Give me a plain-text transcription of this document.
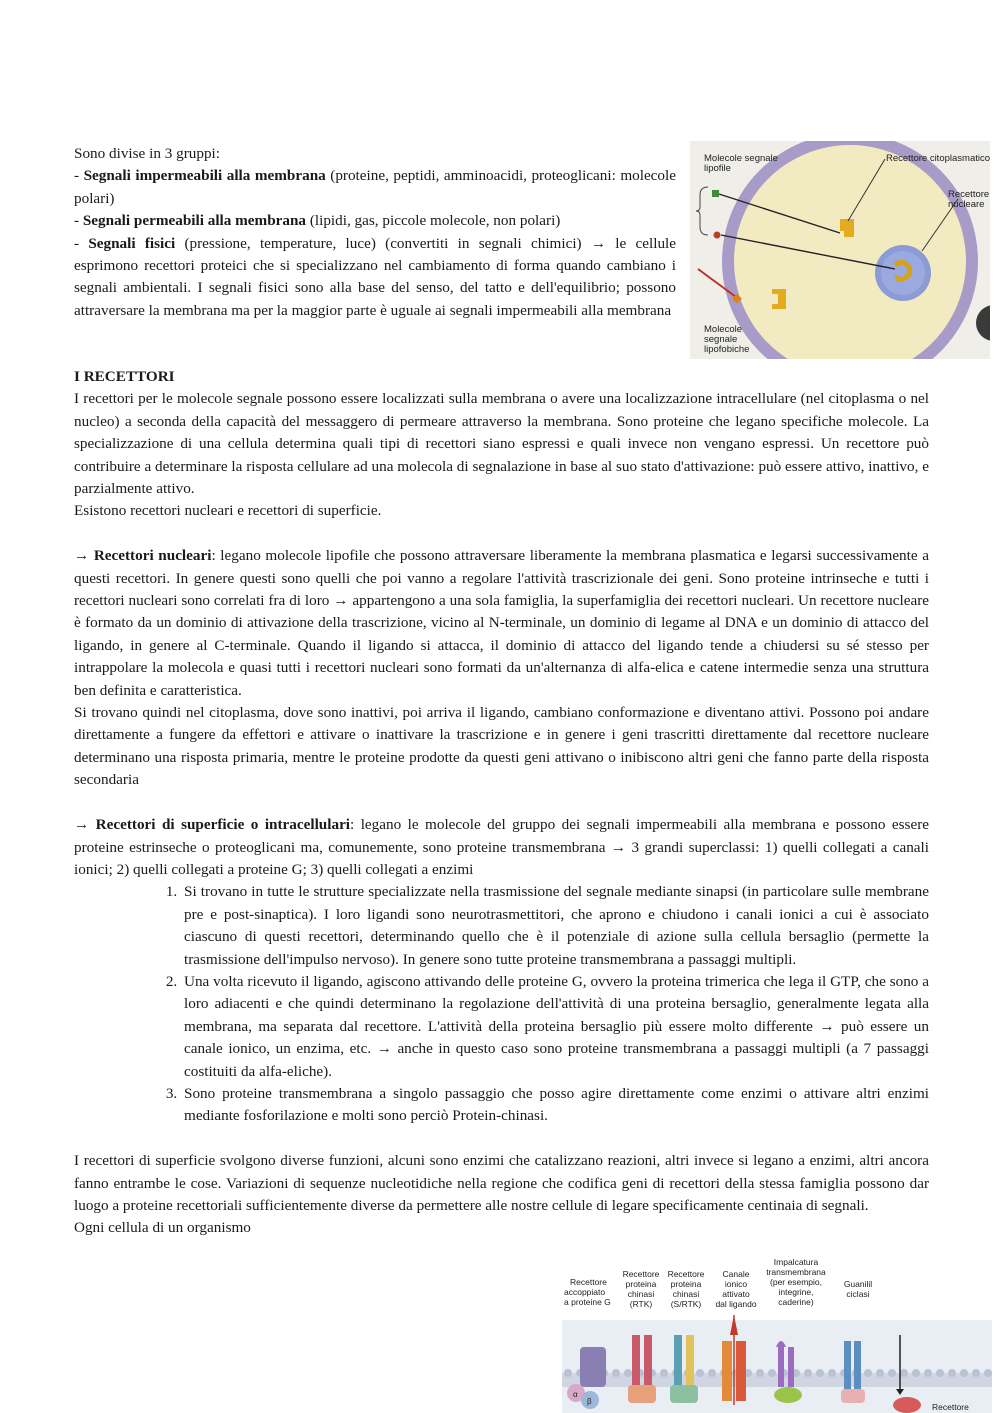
Sono divise in 3 gruppi:

- Segnali impermeabili alla membrana (proteine, peptidi, amminoacidi, proteoglicani: molecole polari)

- Segnali permeabili alla membrana (lipidi, gas, piccole molecole, non polari)

- Segnali fisici (pressione, temperature, luce) (convertiti in segnali chimici) → le cellule esprimono recettori proteici che si specializzano nel cambiamento di forma quando cambiano i segnali ambientali. I segnali fisici sono alla base del senso, del tatto e dell'equilibrio; possono attraversare la membrana ma per la maggior parte è uguale ai segnali impermeabili alla membrana

Molecole segnale lipofile
Recettore citoplasmatico
Recettore nucleare
Molecole segnale lipofobiche

I RECETTORI

I recettori per le molecole segnale possono essere localizzati sulla membrana o avere una localizzazione intracellulare (nel citoplasma o nel nucleo) a seconda della capacità del messaggero di permeare attraverso la membrana. Sono proteine che legano specifiche molecole. La specializzazione di una cellula determina quali tipi di recettori siano espressi e quali invece non vengano espressi. Un recettore può contribuire a determinare la risposta cellulare ad una molecola di segnalazione in base al suo stato d'attivazione: può essere attivo, inattivo, e parzialmente attivo.

Esistono recettori nucleari e recettori di superficie.

→ Recettori nucleari: legano molecole lipofile che possono attraversare liberamente la membrana plasmatica e legarsi successivamente a questi recettori. In genere questi sono quelli che poi vanno a regolare l'attività trascrizionale dei geni. Sono proteine intrinseche e tutti i recettori nucleari sono correlati fra di loro → appartengono a una sola famiglia, la superfamiglia dei recettori nucleari. Un recettore nucleare è formato da un dominio di attivazione della trascrizione, vicino al N-terminale, un dominio di legame al DNA e un dominio di attacco del ligando, in genere al C-terminale. Quando il ligando si attacca, il dominio di attacco del ligando tende a chiudersi su sé stesso per intrappolare la molecola e quasi tutti i recettori nucleari sono formati da un'alternanza di alfa-elica e catene intermedie senza una struttura ben definita e caratteristica.

Si trovano quindi nel citoplasma, dove sono inattivi, poi arriva il ligando, cambiano conformazione e diventano attivi. Possono poi andare direttamente a fungere da effettori e attivare o inattivare la trascrizione e in genere i geni trascritti direttamente dal recettore nucleare determinano una risposta primaria, mentre le proteine prodotte da questi geni attivano o inibiscono altri geni che fanno parte della risposta secondaria

→ Recettori di superficie o intracellulari: legano le molecole del gruppo dei segnali impermeabili alla membrana e possono essere proteine estrinseche o proteoglicani ma, comunemente, sono proteine transmembrana → 3 grandi superclassi: 1) quelli collegati a canali ionici; 2) quelli collegati a proteine G; 3) quelli collegati a enzimi

1. Si trovano in tutte le strutture specializzate nella trasmissione del segnale mediante sinapsi (in particolare sulle membrane pre e post-sinaptica). I loro ligandi sono neurotrasmettitori, che aprono e chiudono i canali ionici a cui è associato ciascuno di questi recettori, determinando quello che è il potenziale di azione sulla cellula bersaglio (permette la trasmissione dell'impulso nervoso). In genere sono tutte proteine transmembrana a passaggi multipli.
2. Una volta ricevuto il ligando, agiscono attivando delle proteine G, ovvero la proteina trimerica che lega il GTP, che sono a loro adiacenti e che quindi determinano la regolazione dell'attività di una proteina bersaglio, generalmente legata alla membrana, ma separata dal recettore. L'attività della proteina bersaglio più essere molto differente → può essere un canale ionico, un enzima, etc. → anche in questo caso sono proteine transmembrana a passaggi multipli (a 7 passaggi costituiti da alfa-eliche).
3. Sono proteine transmembrana a singolo passaggio che posso agire direttamente come enzimi o attivare altri enzimi mediante fosforilazione e molti sono perciò Protein-chinasi.

I recettori di superficie svolgono diverse funzioni, alcuni sono enzimi che catalizzano reazioni, altri invece si legano a enzimi, altri ancora fanno entrambe le cose. Variazioni di sequenze nucleotidiche nella regione che codifica geni di recettori della stessa famiglia possono dar luogo a proteine recettoriali sufficientemente diverse da permettere alle nostre cellule di legare specificamente centinaia di segnali.

Ogni cellula di un organismo

α
β
Recettore accoppiato a proteine G
Recettore proteina chinasi (RTK)
Recettore proteina chinasi (S/RTK)
Canale ionico attivato dal ligando
Impalcatura transmembrana (per esempio, integrine, caderine)
Guanilil ciclasi
Recettore
